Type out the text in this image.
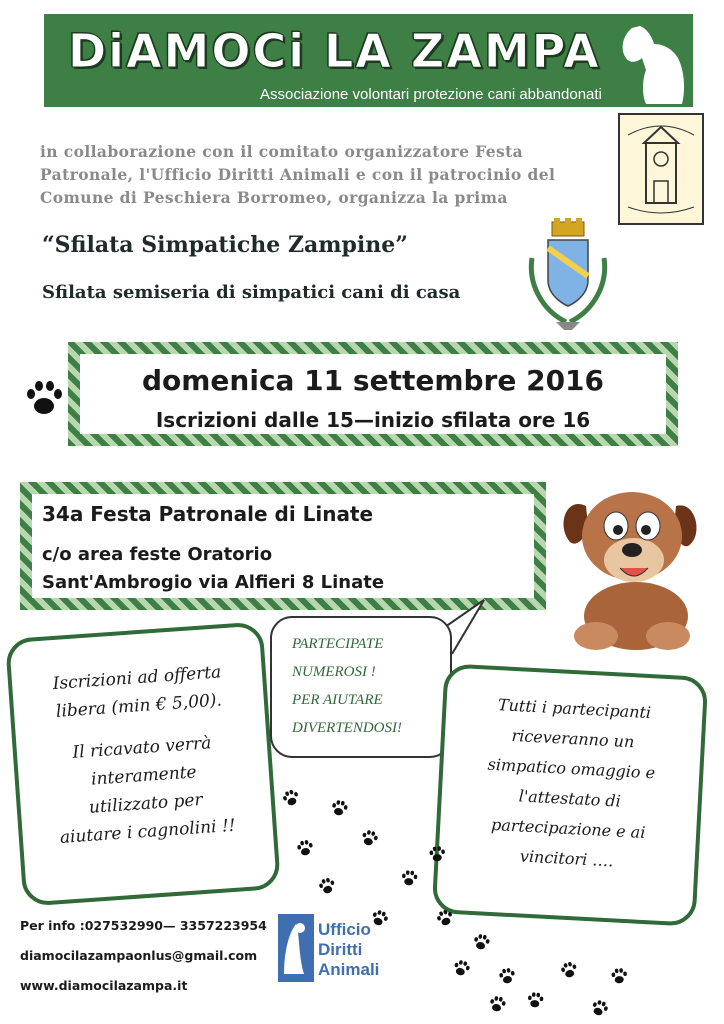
DiAMOCi LA ZAMPA
Associazione volontari protezione cani abbandonati
in collaborazione con il comitato organizzatore Festa
Patronale, l'Ufficio Diritti Animali e con il patrocinio del
Comune di Peschiera Borromeo, organizza la prima
“Sfilata Simpatiche Zampine”
Sfilata semiseria di simpatici cani di casa
domenica 11 settembre 2016
Iscrizioni dalle 15—inizio sfilata ore 16
34a Festa Patronale di Linate
c/o area feste Oratorio
Sant'Ambrogio via Alfieri 8 Linate
Iscrizioni ad offerta
libera (min € 5,00).
Il ricavato verrà
interamente
utilizzato per
aiutare i cagnolini !!
PARTECIPATE
NUMEROSI !
PER AIUTARE
DIVERTENDOSI!
Tutti i partecipanti
riceveranno un
simpatico omaggio e
l'attestato di
partecipazione e ai
vincitori ….
Per info :027532990— 3357223954
diamocilazampaonlus@gmail.com
www.diamocilazampa.it
Ufficio
Diritti
Animali
